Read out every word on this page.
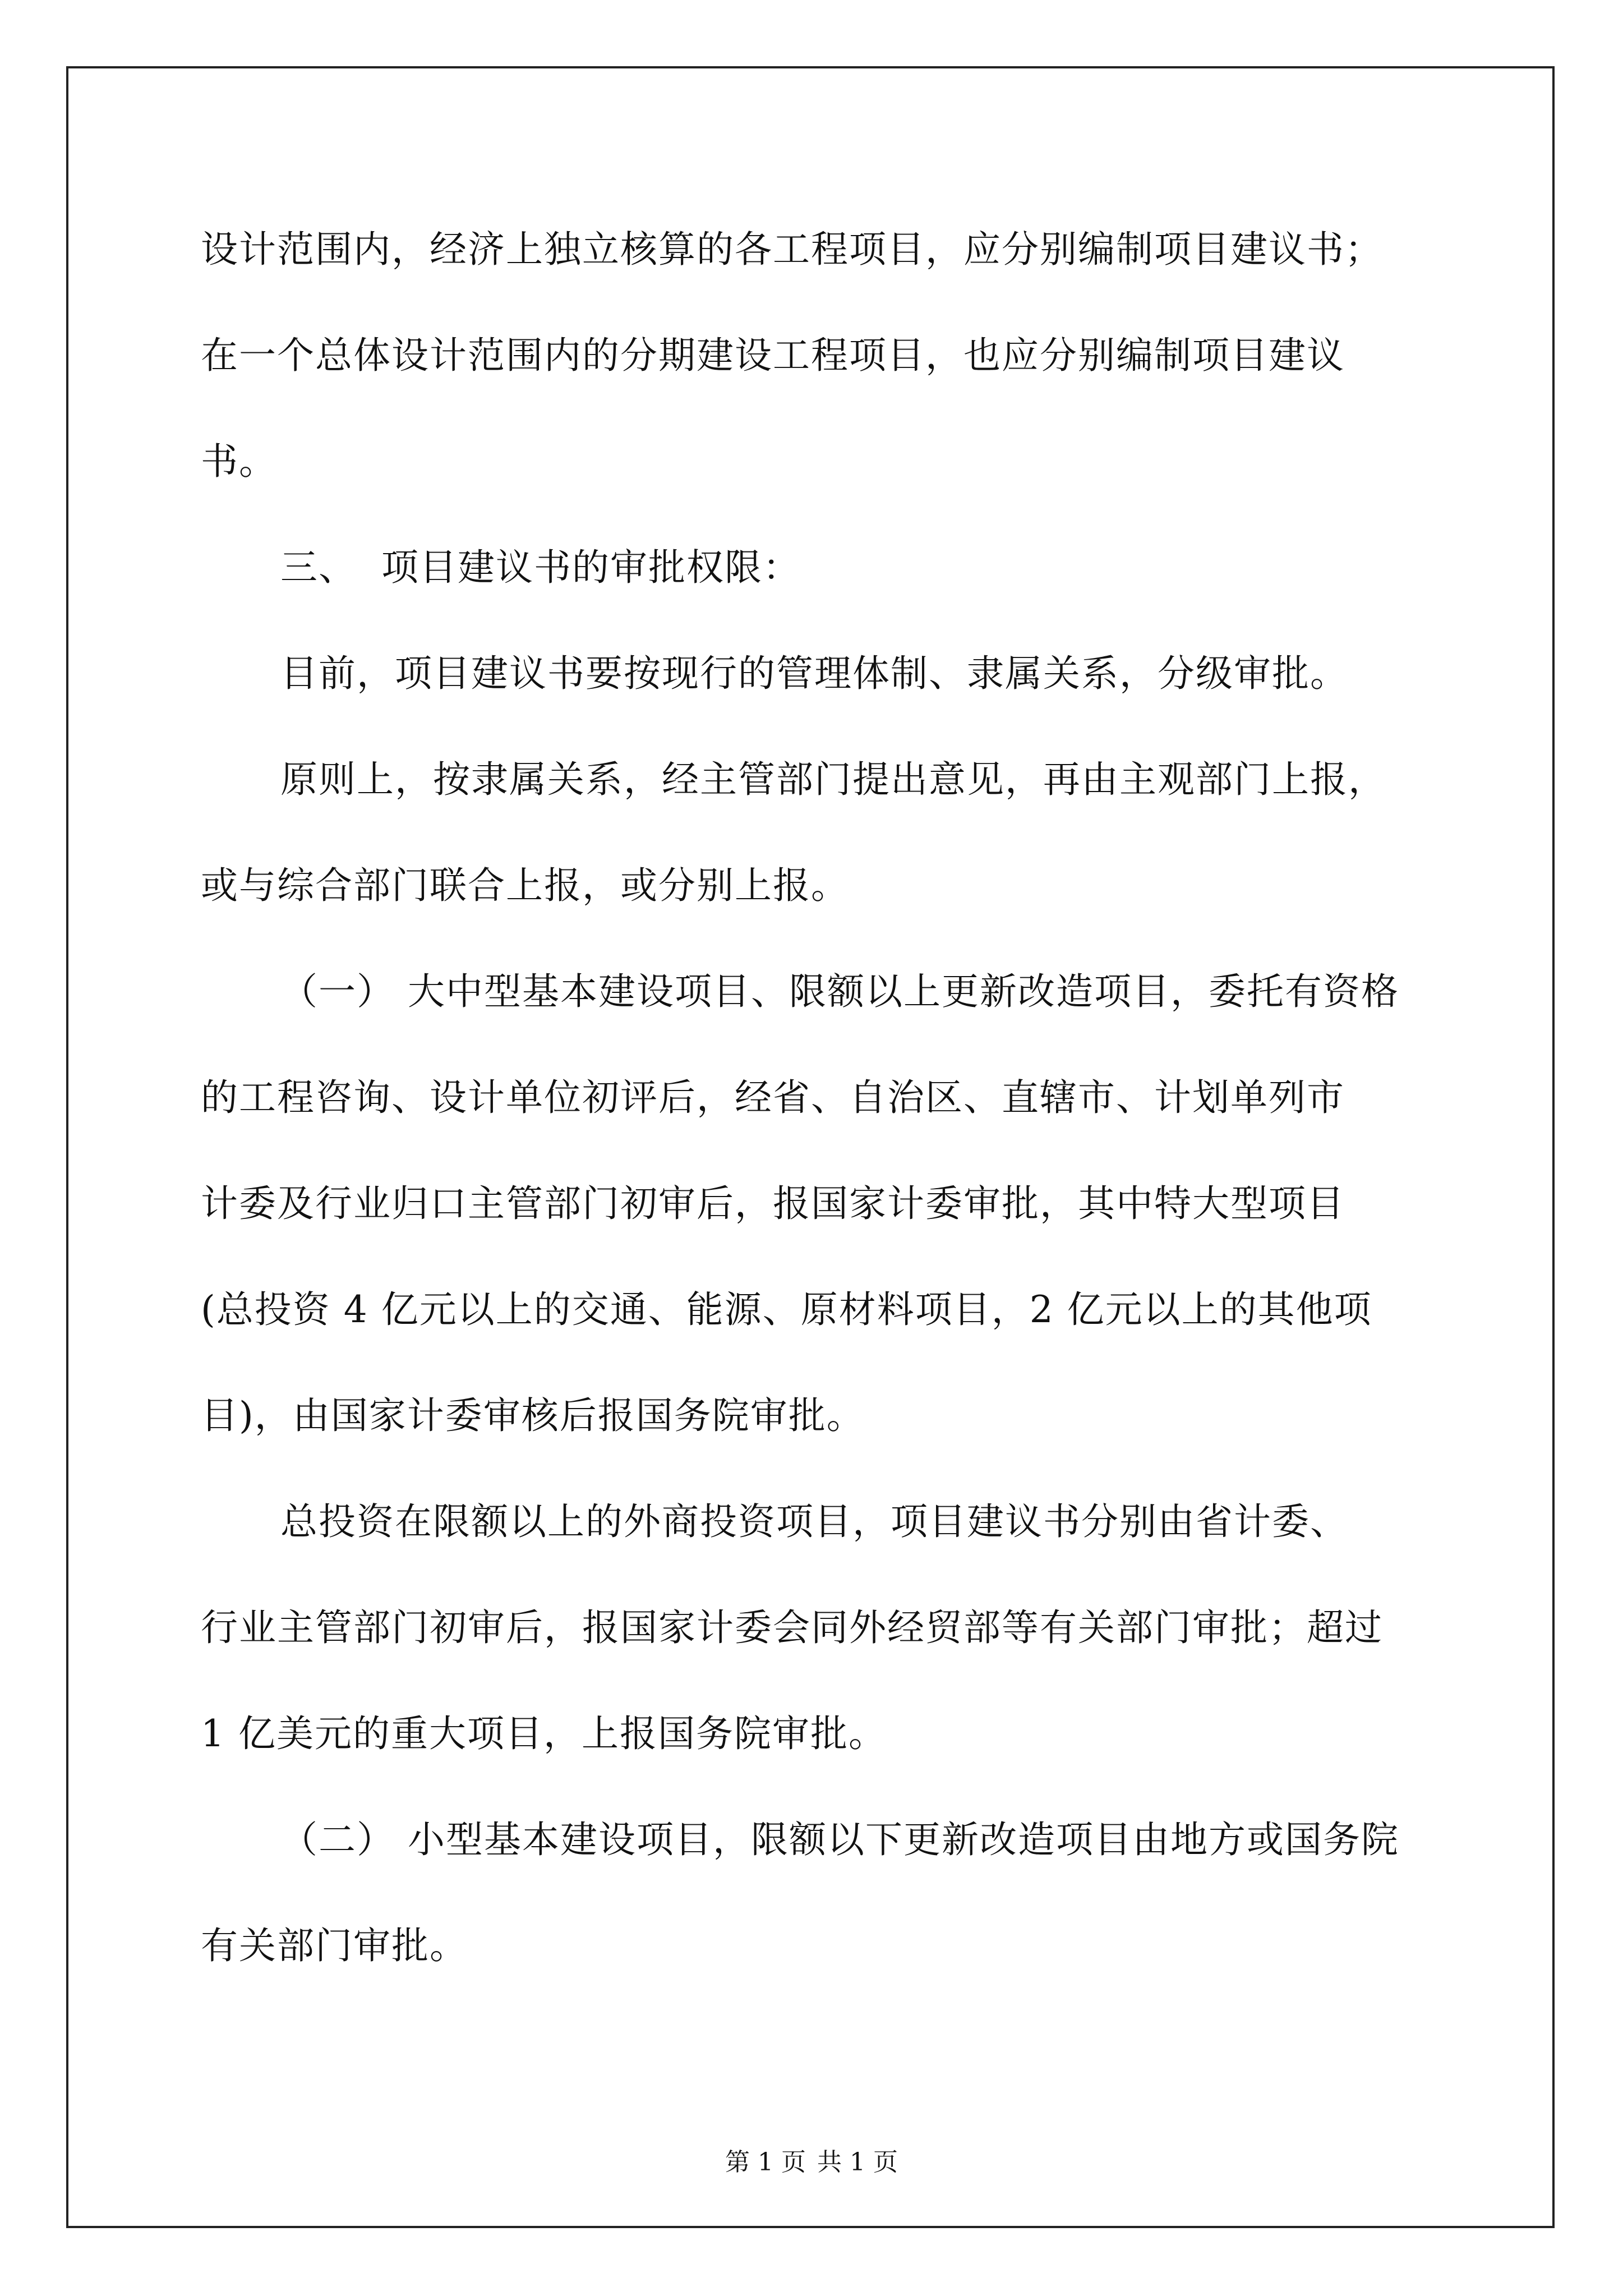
设计范围内，经济上独立核算的各工程项目，应分别编制项目建议书；
在一个总体设计范围内的分期建设工程项目，也应分别编制项目建议
书。
三、 项目建议书的审批权限：
目前，项目建议书要按现行的管理体制、隶属关系，分级审批。
原则上，按隶属关系，经主管部门提出意见，再由主观部门上报，
或与综合部门联合上报，或分别上报。
（一） 大中型基本建设项目、限额以上更新改造项目，委托有资格
的工程咨询、设计单位初评后，经省、自治区、直辖市、计划单列市
计委及行业归口主管部门初审后，报国家计委审批，其中特大型项目
(总投资 4 亿元以上的交通、能源、原材料项目，2 亿元以上的其他项
目)，由国家计委审核后报国务院审批。
总投资在限额以上的外商投资项目，项目建议书分别由省计委、
行业主管部门初审后，报国家计委会同外经贸部等有关部门审批；超过
1 亿美元的重大项目，上报国务院审批。
（二） 小型基本建设项目，限额以下更新改造项目由地方或国务院
有关部门审批。
第 1 页 共 1 页
